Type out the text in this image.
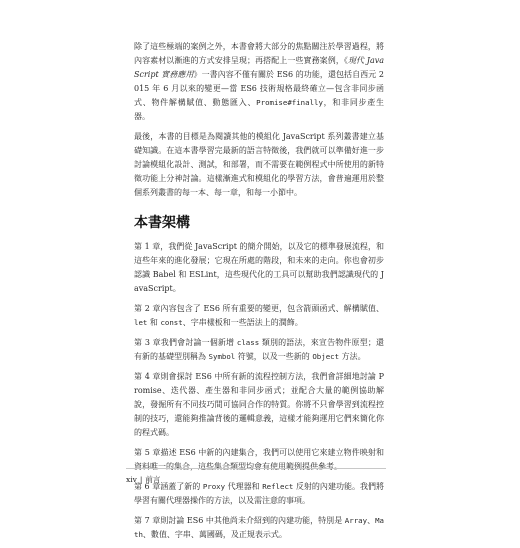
除了這些極端的案例之外，本書會將大部分的焦點關注於學習過程，將內容素材以漸進的方式安排呈現；再搭配上一些實務案例，《現代 JavaScript 實務應用》一書內容不僅有關於 ES6 的功能，還包括自西元 2015 年 6 月以來的變更—當 ES6 技術規格最終確立—包含非同步函式、物件解構賦值、動態匯入、Promise#finally，和非同步產生器。

最後，本書的目標是為閱讀其他的模組化 JavaScript 系列叢書建立基礎知識。在這本書學習完最新的語言特徵後，我們就可以準備好進一步討論模組化設計、測試，和部署，而不需要在範例程式中所使用的新特徵功能上分神討論。這樣漸進式和模組化的學習方法，會普遍運用於整個系列叢書的每一本、每一章，和每一小節中。

本書架構

第 1 章，我們從 JavaScript 的簡介開始，以及它的標準發展流程，和這些年來的進化發展；它現在所處的階段，和未來的走向。你也會初步認識 Babel 和 ESLint，這些現代化的工具可以幫助我們認識現代的 JavaScript。

第 2 章內容包含了 ES6 所有重要的變更，包含箭頭函式、解構賦值、let 和 const、字串樣板和一些語法上的潤飾。

第 3 章我們會討論一個新增 class 類別的語法，來宣告物件原型；還有新的基礎型別稱為 Symbol 符號，以及一些新的 Object 方法。

第 4 章則會探討 ES6 中所有新的流程控制方法，我們會詳細地討論 Promise、迭代器、產生器和非同步函式；並配合大量的範例協助解說，發掘所有不同技巧間可協同合作的特質。你將不只會學習到流程控制的技巧，還能夠推論背後的邏輯意義，這樣才能夠運用它們來簡化你的程式碼。

第 5 章描述 ES6 中新的內建集合，我們可以使用它來建立物件映射和資料唯一的集合，這些集合類型均會有使用範例提供參考。

第 6 章涵蓋了新的 Proxy 代理器和 Reflect 反射的內建功能。我們將學習有關代理器操作的方法，以及需注意的事項。

第 7 章則討論 ES6 中其他尚未介紹到的內建功能，特別是 Array、Math、數值、字串、萬國碼，及正規表示式。

xiv | 前言
